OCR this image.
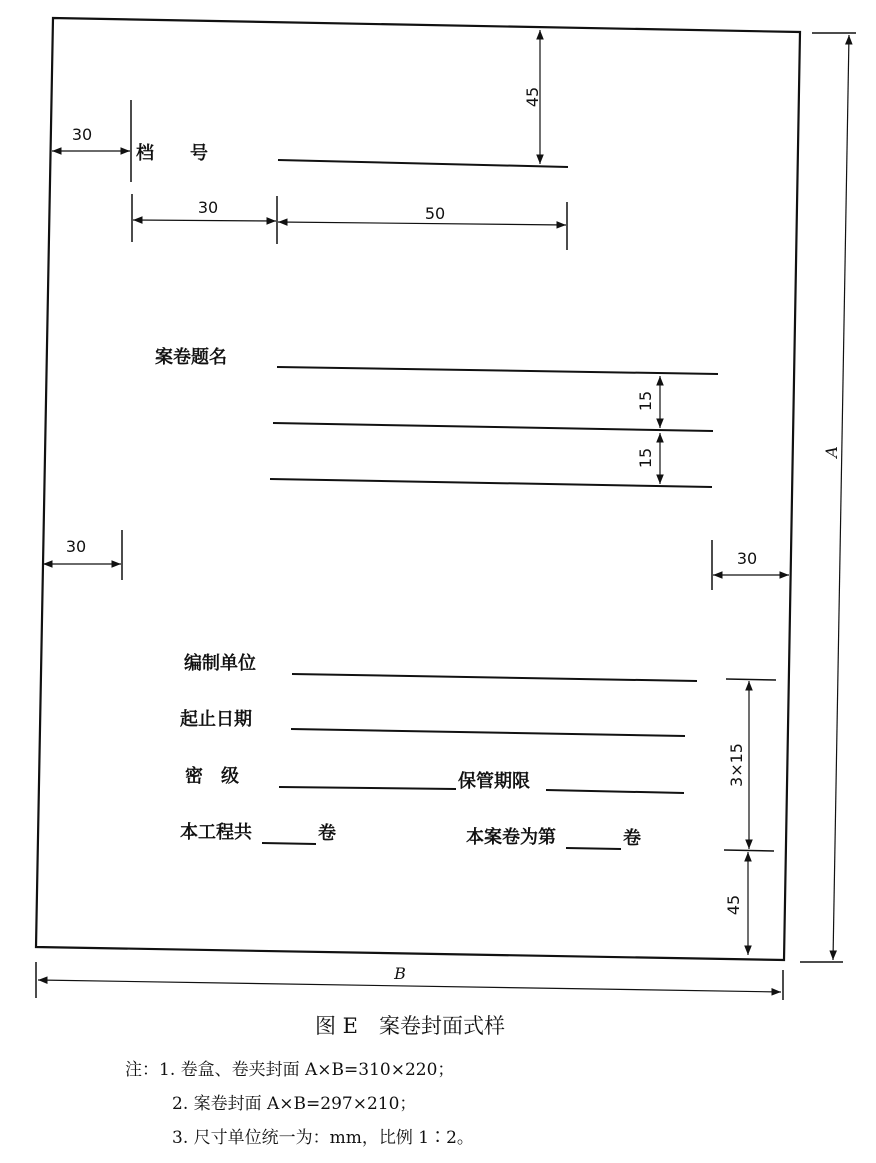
档　　号
45
30
30	50
案卷题名
15
15
30
30
编制单位
起止日期
密　级	保管期限
本工程共	卷	本案卷为第	卷
3×15
45
A
B
图 E　案卷封面式样
注：1. 卷盒、卷夹封面 A×B=310×220；
2. 案卷封面 A×B=297×210；
3. 尺寸单位统一为：mm，比例 1∶2。
